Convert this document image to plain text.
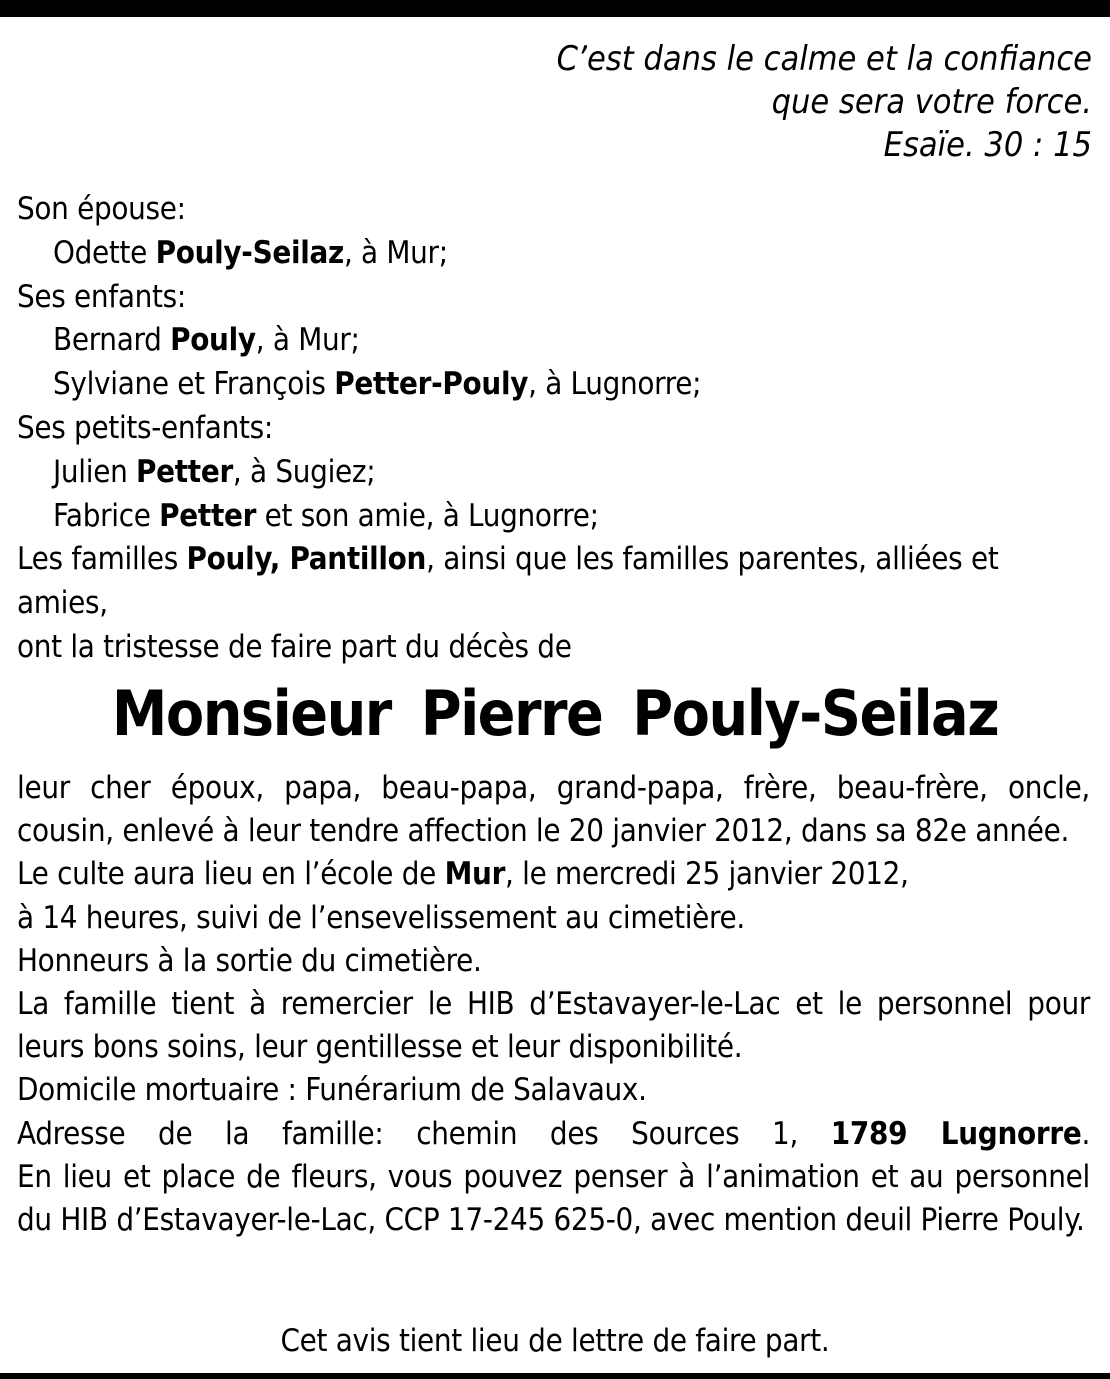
C’est dans le calme et la confiance
que sera votre force.
Esaïe. 30 : 15
Son épouse:
Odette Pouly-Seilaz, à Mur;
Ses enfants:
Bernard Pouly, à Mur;
Sylviane et François Petter-Pouly, à Lugnorre;
Ses petits-enfants:
Julien Petter, à Sugiez;
Fabrice Petter et son amie, à Lugnorre;
Les familles Pouly, Pantillon, ainsi que les familles parentes, alliées et amies,
ont la tristesse de faire part du décès de
Monsieur Pierre Pouly-Seilaz

leur cher époux, papa, beau-papa, grand-papa, frère, beau-frère, oncle, cousin, enlevé à leur tendre affection le 20 janvier 2012, dans sa 82e année.

Le culte aura lieu en l’école de Mur, le mercredi 25 janvier 2012,

à 14 heures, suivi de l’ensevelissement au cimetière.

Honneurs à la sortie du cimetière.

La famille tient à remercier le HIB d’Estavayer-le-Lac et le personnel pour leurs bons soins, leur gentillesse et leur disponibilité.

Domicile mortuaire : Funérarium de Salavaux.

Adresse de la famille: chemin des Sources 1, 1789 Lugnorre.

En lieu et place de fleurs, vous pouvez penser à l’animation et au personnel du HIB d’Estavayer-le-Lac, CCP 17-245 625-0, avec mention deuil Pierre Pouly.

Cet avis tient lieu de lettre de faire part.
